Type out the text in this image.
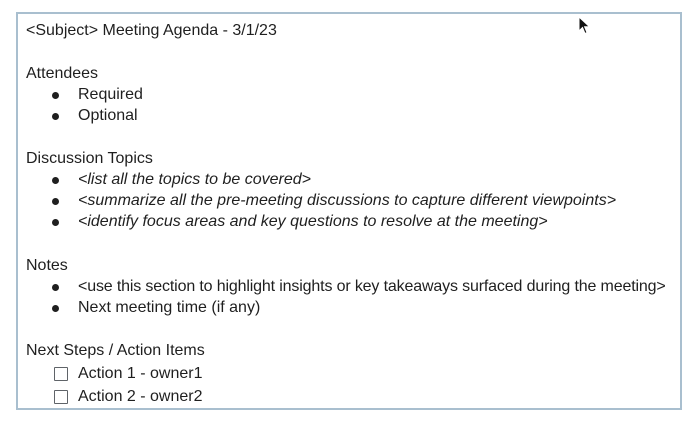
<Subject> Meeting Agenda - 3/1/23
Attendees
Required
Optional
Discussion Topics
<list all the topics to be covered>
<summarize all the pre-meeting discussions to capture different viewpoints>
<identify focus areas and key questions to resolve at the meeting>
Notes
<use this section to highlight insights or key takeaways surfaced during the meeting>
Next meeting time (if any)
Next Steps / Action Items
Action 1 - owner1
Action 2 - owner2
